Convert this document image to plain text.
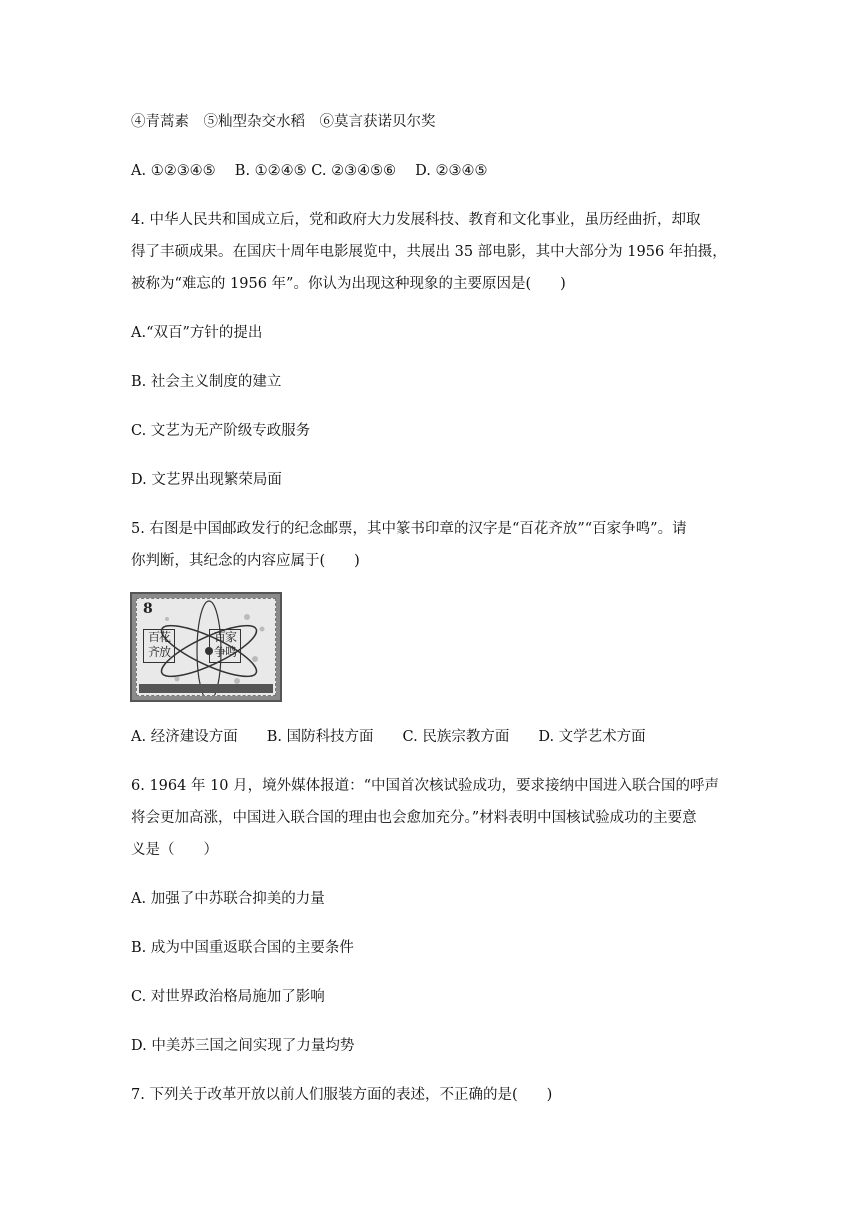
④青蒿素　⑤籼型杂交水稻　⑥莫言获诺贝尔奖
A. ①②③④⑤　 B. ①②④⑤ C. ②③④⑤⑥　 D. ②③④⑤
4. 中华人民共和国成立后，党和政府大力发展科技、教育和文化事业，虽历经曲折，却取
得了丰硕成果。在国庆十周年电影展览中，共展出 35 部电影，其中大部分为 1956 年拍摄，
被称为“难忘的 1956 年”。你认为出现这种现象的主要原因是(　　)
A.“双百”方针的提出
B. 社会主义制度的建立
C. 文艺为无产阶级专政服务
D. 文艺界出现繁荣局面
5. 右图是中国邮政发行的纪念邮票，其中篆书印章的汉字是“百花齐放”“百家争鸣”。请
你判断，其纪念的内容应属于(　　)
A. 经济建设方面　　B. 国防科技方面　　C. 民族宗教方面　　D. 文学艺术方面
6. 1964 年 10 月，境外媒体报道：“中国首次核试验成功，要求接纳中国进入联合国的呼声
将会更加高涨，中国进入联合国的理由也会愈加充分。”材料表明中国核试验成功的主要意
义是（　　）
A. 加强了中苏联合抑美的力量
B. 成为中国重返联合国的主要条件
C. 对世界政治格局施加了影响
D. 中美苏三国之间实现了力量均势
7. 下列关于改革开放以前人们服装方面的表述，不正确的是(　　)
8
百花齐放
百家争鸣
